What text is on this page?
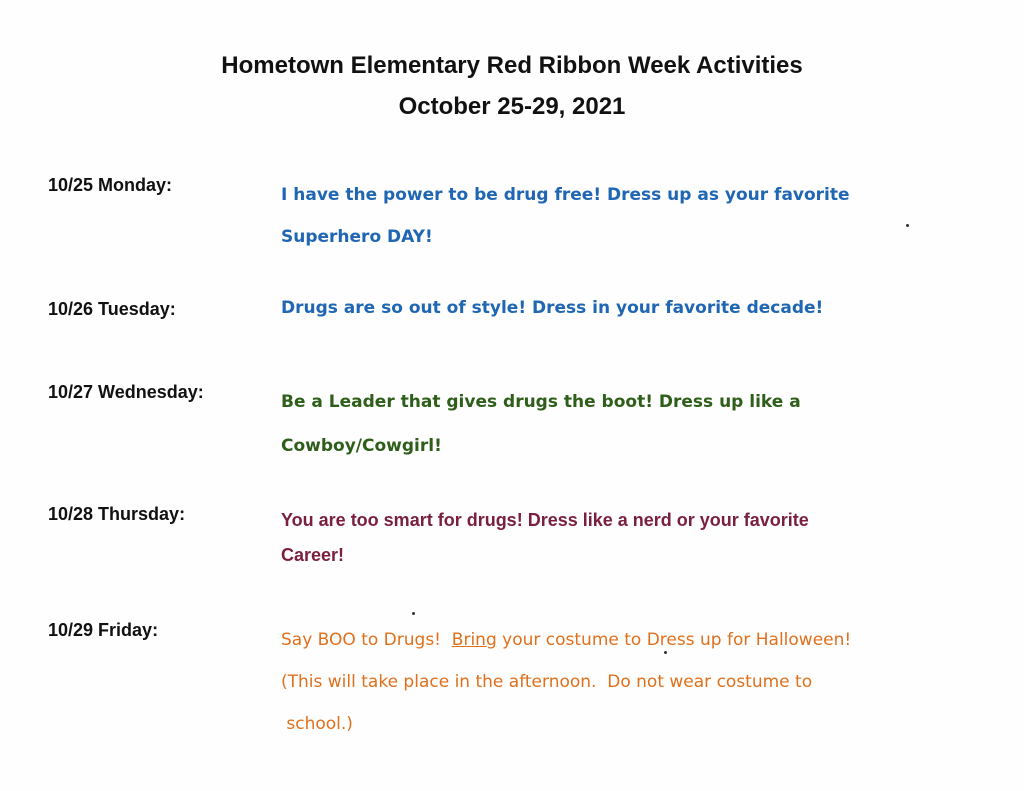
Hometown Elementary Red Ribbon Week Activities
October 25-29, 2021
10/25 Monday:	I have the power to be drug free! Dress up as your favorite
Superhero DAY!
10/26 Tuesday:	Drugs are so out of style! Dress in your favorite decade!
10/27 Wednesday:	Be a Leader that gives drugs the boot! Dress up like a
Cowboy/Cowgirl!
10/28 Thursday:	You are too smart for drugs! Dress like a nerd or your favorite
Career!
10/29 Friday:	Say BOO to Drugs!  Bring your costume to Dress up for Halloween!
(This will take place in the afternoon.  Do not wear costume to
school.)
